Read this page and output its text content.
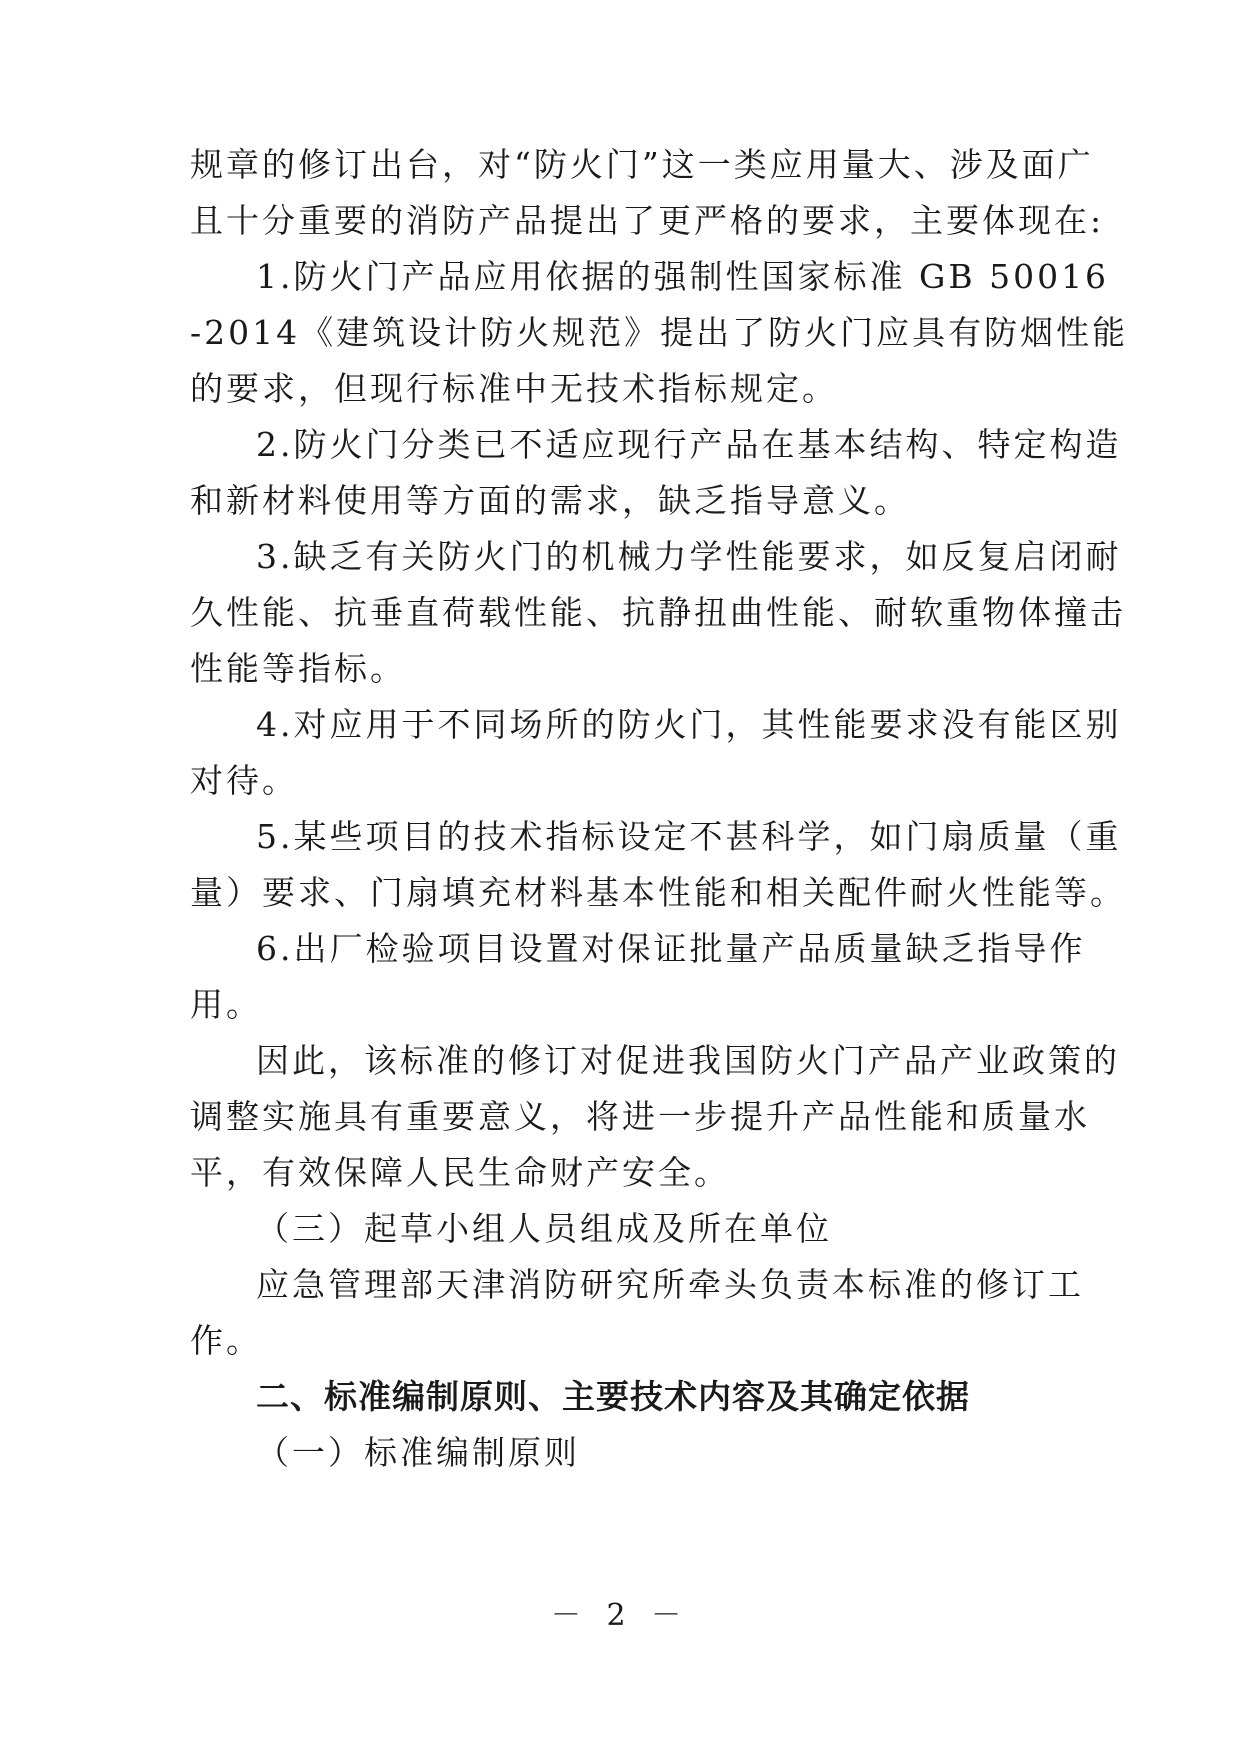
规章的修订出台，对“防火门”这一类应用量大、涉及面广
且十分重要的消防产品提出了更严格的要求，主要体现在:
1.防火门产品应用依据的强制性国家标准 GB 50016
-2014《建筑设计防火规范》提出了防火门应具有防烟性能
的要求，但现行标准中无技术指标规定。
2.防火门分类已不适应现行产品在基本结构、特定构造
和新材料使用等方面的需求，缺乏指导意义。
3.缺乏有关防火门的机械力学性能要求，如反复启闭耐
久性能、抗垂直荷载性能、抗静扭曲性能、耐软重物体撞击
性能等指标。
4.对应用于不同场所的防火门，其性能要求没有能区别
对待。
5.某些项目的技术指标设定不甚科学，如门扇质量（重
量）要求、门扇填充材料基本性能和相关配件耐火性能等。
6.出厂检验项目设置对保证批量产品质量缺乏指导作
用。
因此，该标准的修订对促进我国防火门产品产业政策的
调整实施具有重要意义，将进一步提升产品性能和质量水
平，有效保障人民生命财产安全。
（三）起草小组人员组成及所在单位
应急管理部天津消防研究所牵头负责本标准的修订工
作。
二、标准编制原则、主要技术内容及其确定依据
（一）标准编制原则
－ 2 －
